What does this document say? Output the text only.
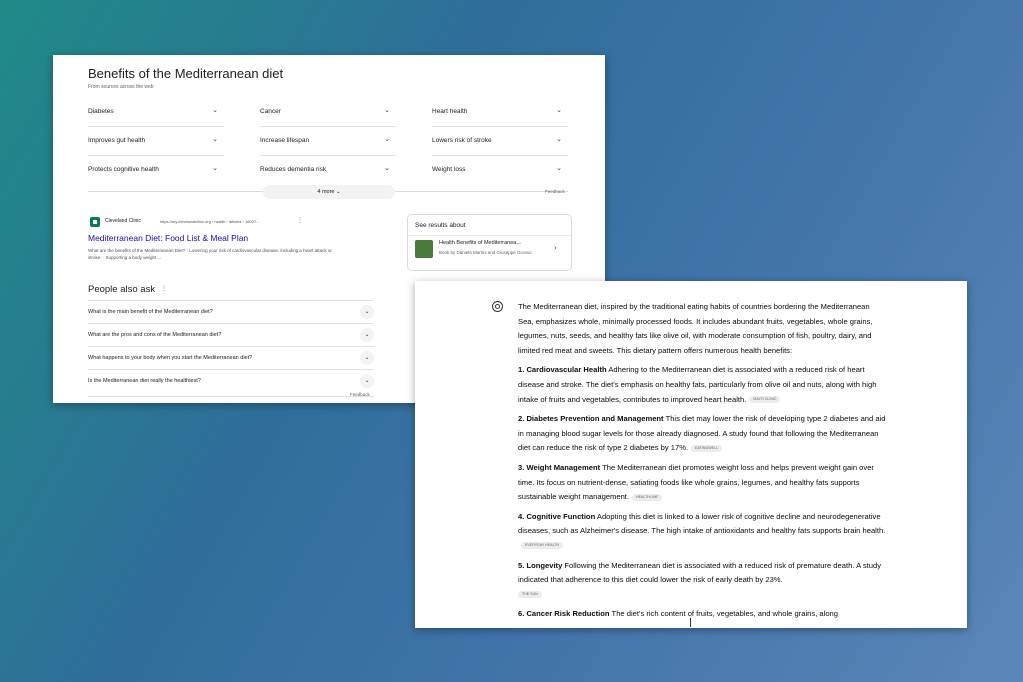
Benefits of the Mediterranean diet
From sources across the web
Diabetes	⌄	Cancer	⌄	Heart health	⌄
Improves gut health	⌄	Increase lifespan	⌄	Lowers risk of stroke	⌄
Protects cognitive health	⌄	Reduces dementia risk	⌄	Weight loss	⌄
4 more ⌄	Feedback
Cleveland Clinic	https://my.clevelandclinic.org › health › articles › 16037...	⋮
Mediterranean Diet: Food List & Meal Plan
What are the benefits of the Mediterranean Diet? · Lowering your risk of cardiovascular disease, including a heart attack or stroke. · Supporting a body weight ...
See results about
Health Benefits of Mediterranea...
Book by Daniela Martini and Giuseppe Grosso
›
People also ask ⋮
What is the main benefit of the Mediterranean diet?	⌄
What are the pros and cons of the Mediterranean diet?	⌄
What happens to your body when you start the Mediterranean diet?	⌄
Is the Mediterranean diet really the healthiest?	⌄
Feedback

The Mediterranean diet, inspired by the traditional eating habits of countries bordering the Mediterranean Sea, emphasizes whole, minimally processed foods. It includes abundant fruits, vegetables, whole grains, legumes, nuts, seeds, and healthy fats like olive oil, with moderate consumption of fish, poultry, dairy, and limited red meat and sweets. This dietary pattern offers numerous health benefits:

1. Cardiovascular Health Adhering to the Mediterranean diet is associated with a reduced risk of heart disease and stroke. The diet's emphasis on healthy fats, particularly from olive oil and nuts, along with high intake of fruits and vegetables, contributes to improved heart health. MAYO CLINIC

2. Diabetes Prevention and Management This diet may lower the risk of developing type 2 diabetes and aid in managing blood sugar levels for those already diagnosed. A study found that following the Mediterranean diet can reduce the risk of type 2 diabetes by 17%. EATINGWELL

3. Weight Management The Mediterranean diet promotes weight loss and helps prevent weight gain over time. Its focus on nutrient-dense, satiating foods like whole grains, legumes, and healthy fats supports sustainable weight management. HEALTHLINE

4. Cognitive Function Adopting this diet is linked to a lower risk of cognitive decline and neurodegenerative diseases, such as Alzheimer's disease. The high intake of antioxidants and healthy fats supports brain health.EVERYDAY HEALTH

5. Longevity Following the Mediterranean diet is associated with a reduced risk of premature death. A study indicated that adherence to this diet could lower the risk of early death by 23%.
THE SUN

6. Cancer Risk Reduction The diet's rich content of fruits, vegetables, and whole grains, along
